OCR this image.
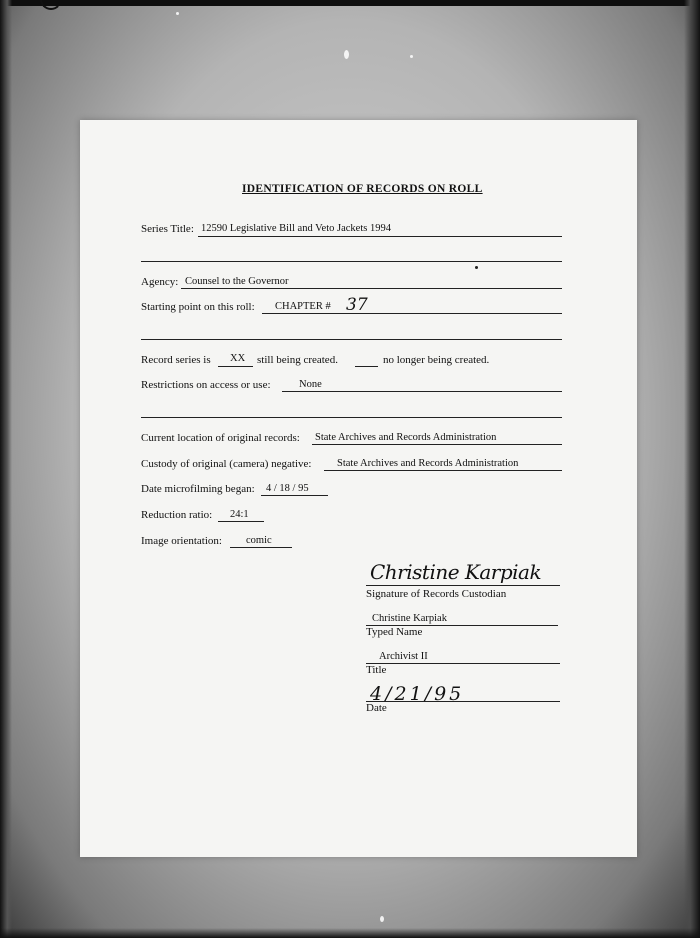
IDENTIFICATION OF RECORDS ON ROLL
Series Title: 12590 Legislative Bill and Veto Jackets 1994
Agency: Counsel to the Governor
Starting point on this roll: CHAPTER # 37
Record series is XX still being created.	no longer being created.
Restrictions on access or use:	None
Current location of original records: State Archives and Records Administration
Custody of original (camera) negative: State Archives and Records Administration
Date microfilming began: 4 / 18 / 95
Reduction ratio: 24:1
Image orientation: comic
Christine Karpiak
Signature of Records Custodian
Christine Karpiak
Typed Name
Archivist II
Title
4/21/95
Date
